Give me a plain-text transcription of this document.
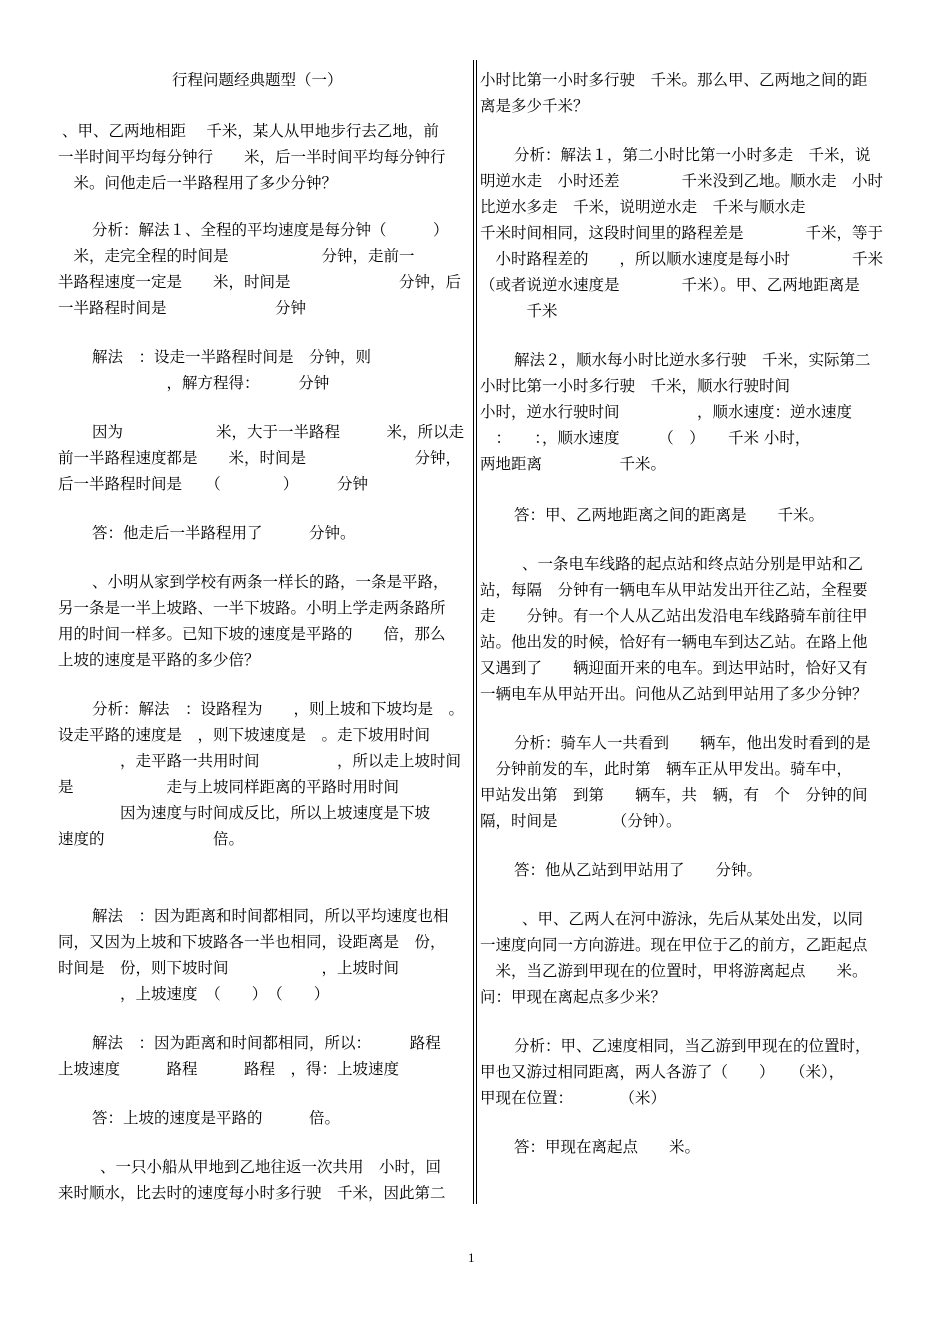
行程问题经典题型（一）
、甲、乙两地相距　 千米，某人从甲地步行去乙地，前
一半时间平均每分钟行　　米，后一半时间平均每分钟行
　米。问他走后一半路程用了多少分钟？
分析：解法１、全程的平均速度是每分钟（　　　）
　米，走完全程的时间是　　　　　　分钟，走前一
半路程速度一定是　　米，时间是　　　　　　　分钟，后
一半路程时间是　　　　　　　分钟
解法　：设走一半路程时间是　分钟，则
　　　　　　　，解方程得：　　　分钟
因为　　　　　　米，大于一半路程　　　米，所以走
前一半路程速度都是　　米，时间是　　　　　　　分钟，
后一半路程时间是　　（　　　　）　　　分钟
答：他走后一半路程用了　　　分钟。
、小明从家到学校有两条一样长的路，一条是平路，
另一条是一半上坡路、一半下坡路。小明上学走两条路所
用的时间一样多。已知下坡的速度是平路的　　倍，那么
上坡的速度是平路的多少倍？
分析：解法　：设路程为　　，则上坡和下坡均是　。
设走平路的速度是　，则下坡速度是　。走下坡用时间
　　　　，走平路一共用时间　　　　　，所以走上坡时间
是　　　　　　走与上坡同样距离的平路时用时间
　　　　因为速度与时间成反比，所以上坡速度是下坡
速度的　　　　　　　倍。
解法　：因为距离和时间都相同，所以平均速度也相
同，又因为上坡和下坡路各一半也相同，设距离是　份，
时间是　份，则下坡时间　　　　　　，上坡时间
　　　　，上坡速度　（　　）　（　　）
解法　：因为距离和时间都相同，所以：　　　路程
上坡速度　　　路程　　　路程　，得：上坡速度
答：上坡的速度是平路的　　　倍。
、一只小船从甲地到乙地往返一次共用　小时，回
来时顺水，比去时的速度每小时多行驶　千米，因此第二
小时比第一小时多行驶　千米。那么甲、乙两地之间的距
离是多少千米？
分析：解法１，第二小时比第一小时多走　千米，说
明逆水走　小时还差　　　　千米没到乙地。顺水走　小时
比逆水多走　千米，说明逆水走　千米与顺水走
千米时间相同，这段时间里的路程差是　　　　千米，等于
　小时路程差的　　，所以顺水速度是每小时　　　　千米
（或者说逆水速度是　　　　千米）。甲、乙两地距离是
　　　千米
解法２，顺水每小时比逆水多行驶　千米，实际第二
小时比第一小时多行驶　千米，顺水行驶时间
小时，逆水行驶时间　　　　　，顺水速度：逆水速度
　：　　：，顺水速度　　　（　）　　千米 小时，
两地距离　　　　　千米。
答：甲、乙两地距离之间的距离是　　千米。
、一条电车线路的起点站和终点站分别是甲站和乙
站，每隔　分钟有一辆电车从甲站发出开往乙站，全程要
走　　分钟。有一个人从乙站出发沿电车线路骑车前往甲
站。他出发的时候，恰好有一辆电车到达乙站。在路上他
又遇到了　　辆迎面开来的电车。到达甲站时，恰好又有
一辆电车从甲站开出。问他从乙站到甲站用了多少分钟？
分析：骑车人一共看到　　辆车，他出发时看到的是
　分钟前发的车，此时第　辆车正从甲发出。骑车中，
甲站发出第　到第　　辆车，共　辆，有　个　分钟的间
隔，时间是　　　　（分钟）。
答：他从乙站到甲站用了　　分钟。
、甲、乙两人在河中游泳，先后从某处出发，以同
一速度向同一方向游进。现在甲位于乙的前方，乙距起点
　米，当乙游到甲现在的位置时，甲将游离起点　　米。
问：甲现在离起点多少米？
分析：甲、乙速度相同，当乙游到甲现在的位置时，
甲也又游过相同距离，两人各游了（　　）　　（米），
甲现在位置：　　　　（米）
答：甲现在离起点　　米。
1
